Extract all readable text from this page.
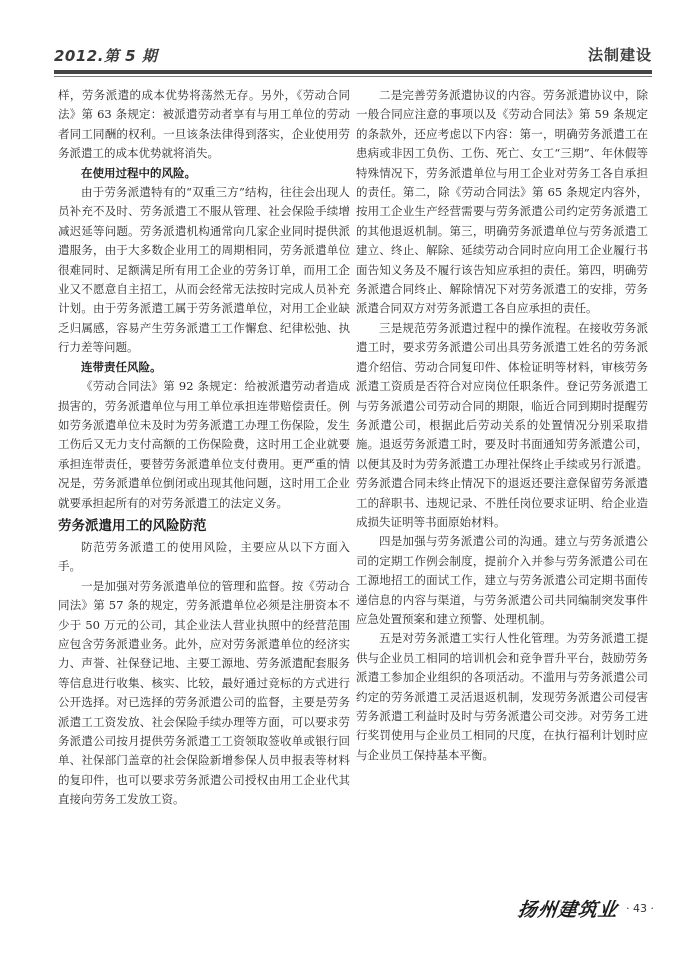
2012.第 5 期	法制建设

样，劳务派遣的成本优势将荡然无存。另外，《劳动合同法》第 63 条规定：被派遣劳动者享有与用工单位的劳动者同工同酬的权利。一旦该条法律得到落实，企业使用劳务派遣工的成本优势就将消失。

在使用过程中的风险。

由于劳务派遣特有的“双重三方”结构，往往会出现人员补充不及时、劳务派遣工不服从管理、社会保险手续增减迟延等问题。劳务派遣机构通常向几家企业同时提供派遣服务，由于大多数企业用工的周期相同，劳务派遣单位很难同时、足额满足所有用工企业的劳务订单，而用工企业又不愿意自主招工，从而会经常无法按时完成人员补充计划。由于劳务派遣工属于劳务派遣单位，对用工企业缺乏归属感，容易产生劳务派遣工工作懈怠、纪律松弛、执行力差等问题。

连带责任风险。

《劳动合同法》第 92 条规定：给被派遣劳动者造成损害的，劳务派遣单位与用工单位承担连带赔偿责任。例如劳务派遣单位未及时为劳务派遣工办理工伤保险，发生工伤后又无力支付高额的工伤保险费，这时用工企业就要承担连带责任，要替劳务派遣单位支付费用。更严重的情况是，劳务派遣单位倒闭或出现其他问题，这时用工企业就要承担起所有的对劳务派遣工的法定义务。

劳务派遣用工的风险防范

防范劳务派遣工的使用风险，主要应从以下方面入手。

一是加强对劳务派遣单位的管理和监督。按《劳动合同法》第 57 条的规定，劳务派遣单位必须是注册资本不少于 50 万元的公司，其企业法人营业执照中的经营范围应包含劳务派遣业务。此外，应对劳务派遣单位的经济实力、声誉、社保登记地、主要工源地、劳务派遣配套服务等信息进行收集、核实、比较，最好通过竞标的方式进行公开选择。对已选择的劳务派遣公司的监督，主要是劳务派遣工工资发放、社会保险手续办理等方面，可以要求劳务派遣公司按月提供劳务派遣工工资领取签收单或银行回单、社保部门盖章的社会保险新增参保人员申报表等材料的复印件，也可以要求劳务派遣公司授权由用工企业代其直接向劳务工发放工资。

二是完善劳务派遣协议的内容。劳务派遣协议中，除一般合同应注意的事项以及《劳动合同法》第 59 条规定的条款外，还应考虑以下内容：第一，明确劳务派遣工在患病或非因工负伤、工伤、死亡、女工“三期”、年休假等特殊情况下，劳务派遣单位与用工企业对劳务工各自承担的责任。第二，除《劳动合同法》第 65 条规定内容外，按用工企业生产经营需要与劳务派遣公司约定劳务派遣工的其他退返机制。第三，明确劳务派遣单位与劳务派遣工建立、终止、解除、延续劳动合同时应向用工企业履行书面告知义务及不履行该告知应承担的责任。第四，明确劳务派遣合同终止、解除情况下对劳务派遣工的安排，劳务派遣合同双方对劳务派遣工各自应承担的责任。

三是规范劳务派遣过程中的操作流程。在接收劳务派遣工时，要求劳务派遣公司出具劳务派遣工姓名的劳务派遣介绍信、劳动合同复印件、体检证明等材料，审核劳务派遣工资质是否符合对应岗位任职条件。登记劳务派遣工与劳务派遣公司劳动合同的期限，临近合同到期时提醒劳务派遣公司，根据此后劳动关系的处置情况分别采取措施。退返劳务派遣工时，要及时书面通知劳务派遣公司，以便其及时为劳务派遣工办理社保终止手续或另行派遣。劳务派遣合同未终止情况下的退返还要注意保留劳务派遣工的辞职书、违规记录、不胜任岗位要求证明、给企业造成损失证明等书面原始材料。

四是加强与劳务派遣公司的沟通。建立与劳务派遣公司的定期工作例会制度，提前介入并参与劳务派遣公司在工源地招工的面试工作，建立与劳务派遣公司定期书面传递信息的内容与渠道，与劳务派遣公司共同编制突发事件应急处置预案和建立预警、处理机制。

五是对劳务派遣工实行人性化管理。为劳务派遣工提供与企业员工相同的培训机会和竞争晋升平台，鼓励劳务派遣工参加企业组织的各项活动。不滥用与劳务派遣公司约定的劳务派遣工灵活退返机制，发现劳务派遣公司侵害劳务派遣工利益时及时与劳务派遣公司交涉。对劳务工进行奖罚使用与企业员工相同的尺度，在执行福利计划时应与企业员工保持基本平衡。

扬州建筑业 · 43 ·
